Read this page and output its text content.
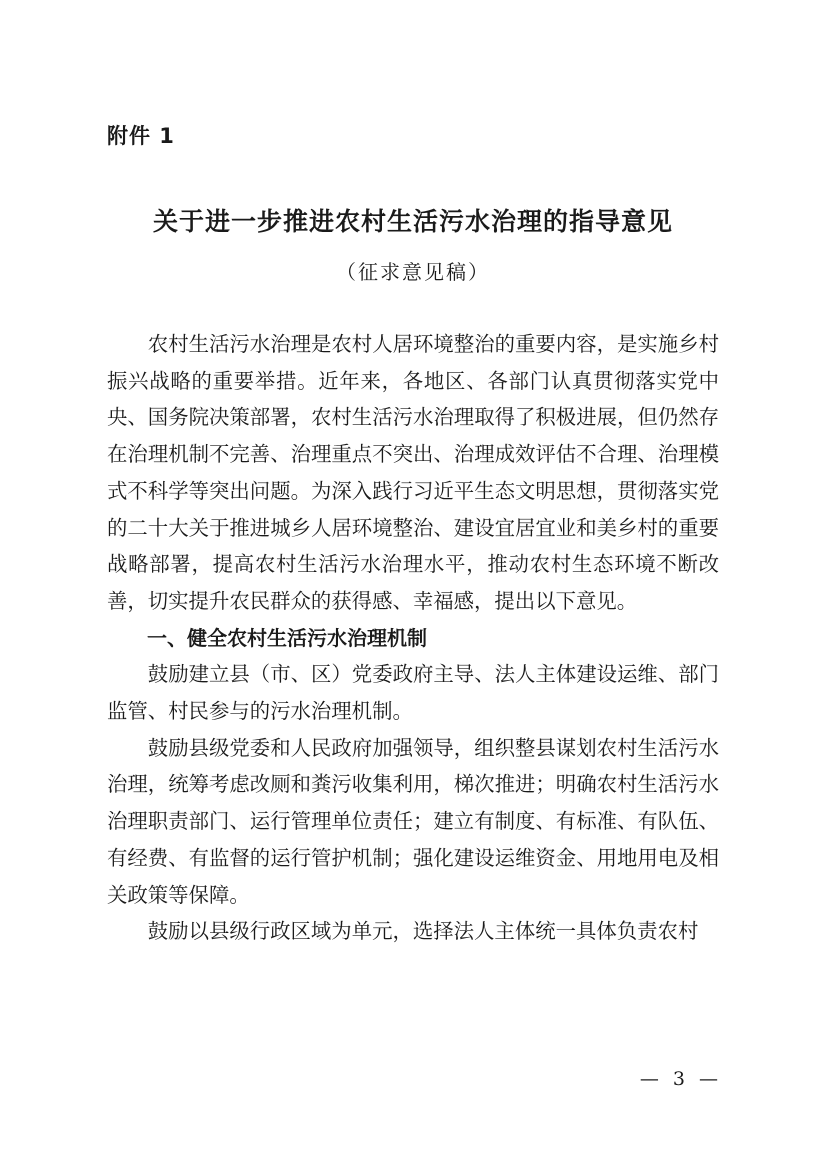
附件 1
关于进一步推进农村生活污水治理的指导意见
（征求意见稿）

农村生活污水治理是农村人居环境整治的重要内容，是实施乡村振兴战略的重要举措。近年来，各地区、各部门认真贯彻落实党中央、国务院决策部署，农村生活污水治理取得了积极进展，但仍然存在治理机制不完善、治理重点不突出、治理成效评估不合理、治理模式不科学等突出问题。为深入践行习近平生态文明思想，贯彻落实党的二十大关于推进城乡人居环境整治、建设宜居宜业和美乡村的重要战略部署，提高农村生活污水治理水平，推动农村生态环境不断改善，切实提升农民群众的获得感、幸福感，提出以下意见。

一、健全农村生活污水治理机制

鼓励建立县（市、区）党委政府主导、法人主体建设运维、部门监管、村民参与的污水治理机制。

鼓励县级党委和人民政府加强领导，组织整县谋划农村生活污水治理，统筹考虑改厕和粪污收集利用，梯次推进；明确农村生活污水治理职责部门、运行管理单位责任；建立有制度、有标准、有队伍、有经费、有监督的运行管护机制；强化建设运维资金、用地用电及相关政策等保障。

鼓励以县级行政区域为单元，选择法人主体统一具体负责农村

— 3 —
